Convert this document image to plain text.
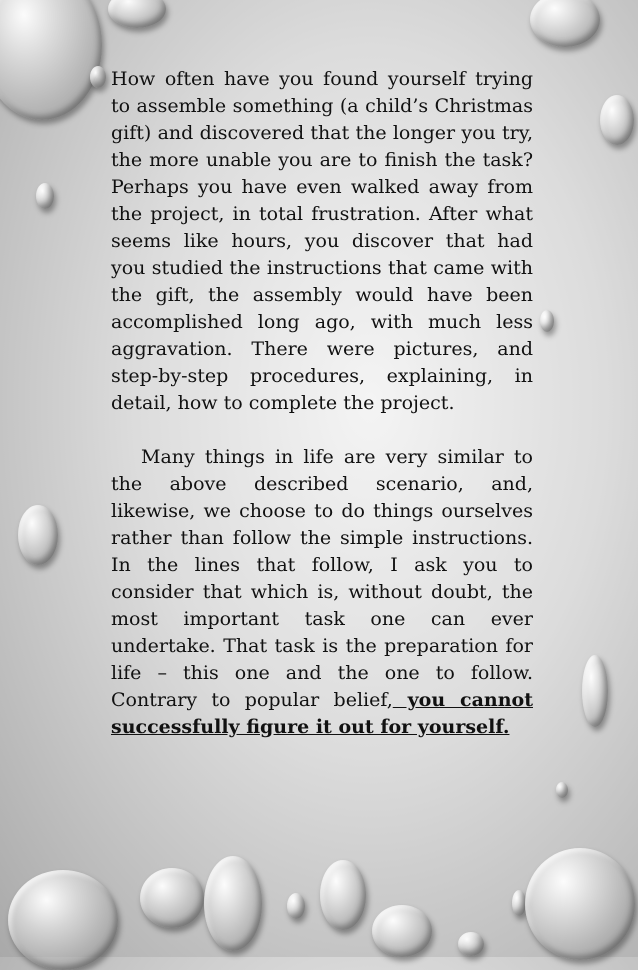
How often have you found yourself trying to assemble something (a child’s Christmas gift) and discovered that the longer you try, the more unable you are to finish the task? Perhaps you have even walked away from the project, in total frustration. After what seems like hours, you discover that had you studied the instructions that came with the gift, the assembly would have been accomplished long ago, with much less aggravation. There were pictures, and step-by-step procedures, explaining, in detail, how to complete the project.

Many things in life are very similar to the above described scenario, and, likewise, we choose to do things ourselves rather than follow the simple instructions. In the lines that follow, I ask you to consider that which is, without doubt, the most important task one can ever undertake. That task is the preparation for life – this one and the one to follow. Contrary to popular belief, you cannot successfully figure it out for yourself.
